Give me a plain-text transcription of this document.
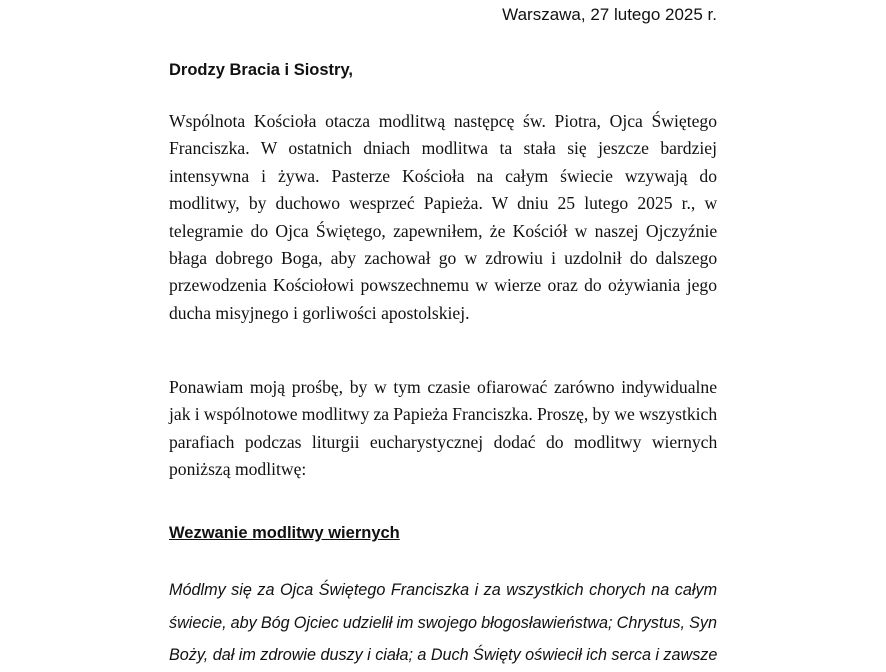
Warszawa, 27 lutego 2025 r.
Drodzy Bracia i Siostry,

Wspólnota Kościoła otacza modlitwą następcę św. Piotra, Ojca Świętego
Franciszka. W ostatnich dniach modlitwa ta stała się jeszcze bardziej
intensywna i żywa. Pasterze Kościoła na całym świecie wzywają do
modlitwy, by duchowo wesprzeć Papieża. W dniu 25 lutego 2025 r., w
telegramie do Ojca Świętego, zapewniłem, że Kościół w naszej Ojczyźnie
błaga dobrego Boga, aby zachował go w zdrowiu i uzdolnił do dalszego
przewodzenia Kościołowi powszechnemu w wierze oraz do ożywiania jego
ducha misyjnego i gorliwości apostolskiej.

Ponawiam moją prośbę, by w tym czasie ofiarować zarówno indywidualne
jak i wspólnotowe modlitwy za Papieża Franciszka. Proszę, by we wszystkich
parafiach podczas liturgii eucharystycznej dodać do modlitwy wiernych
poniższą modlitwę:

Wezwanie modlitwy wiernych

Módlmy się za Ojca Świętego Franciszka i za wszystkich chorych na całym
świecie, aby Bóg Ojciec udzielił im swojego błogosławieństwa; Chrystus, Syn
Boży, dał im zdrowie duszy i ciała; a Duch Święty oświecił ich serca i zawsze
